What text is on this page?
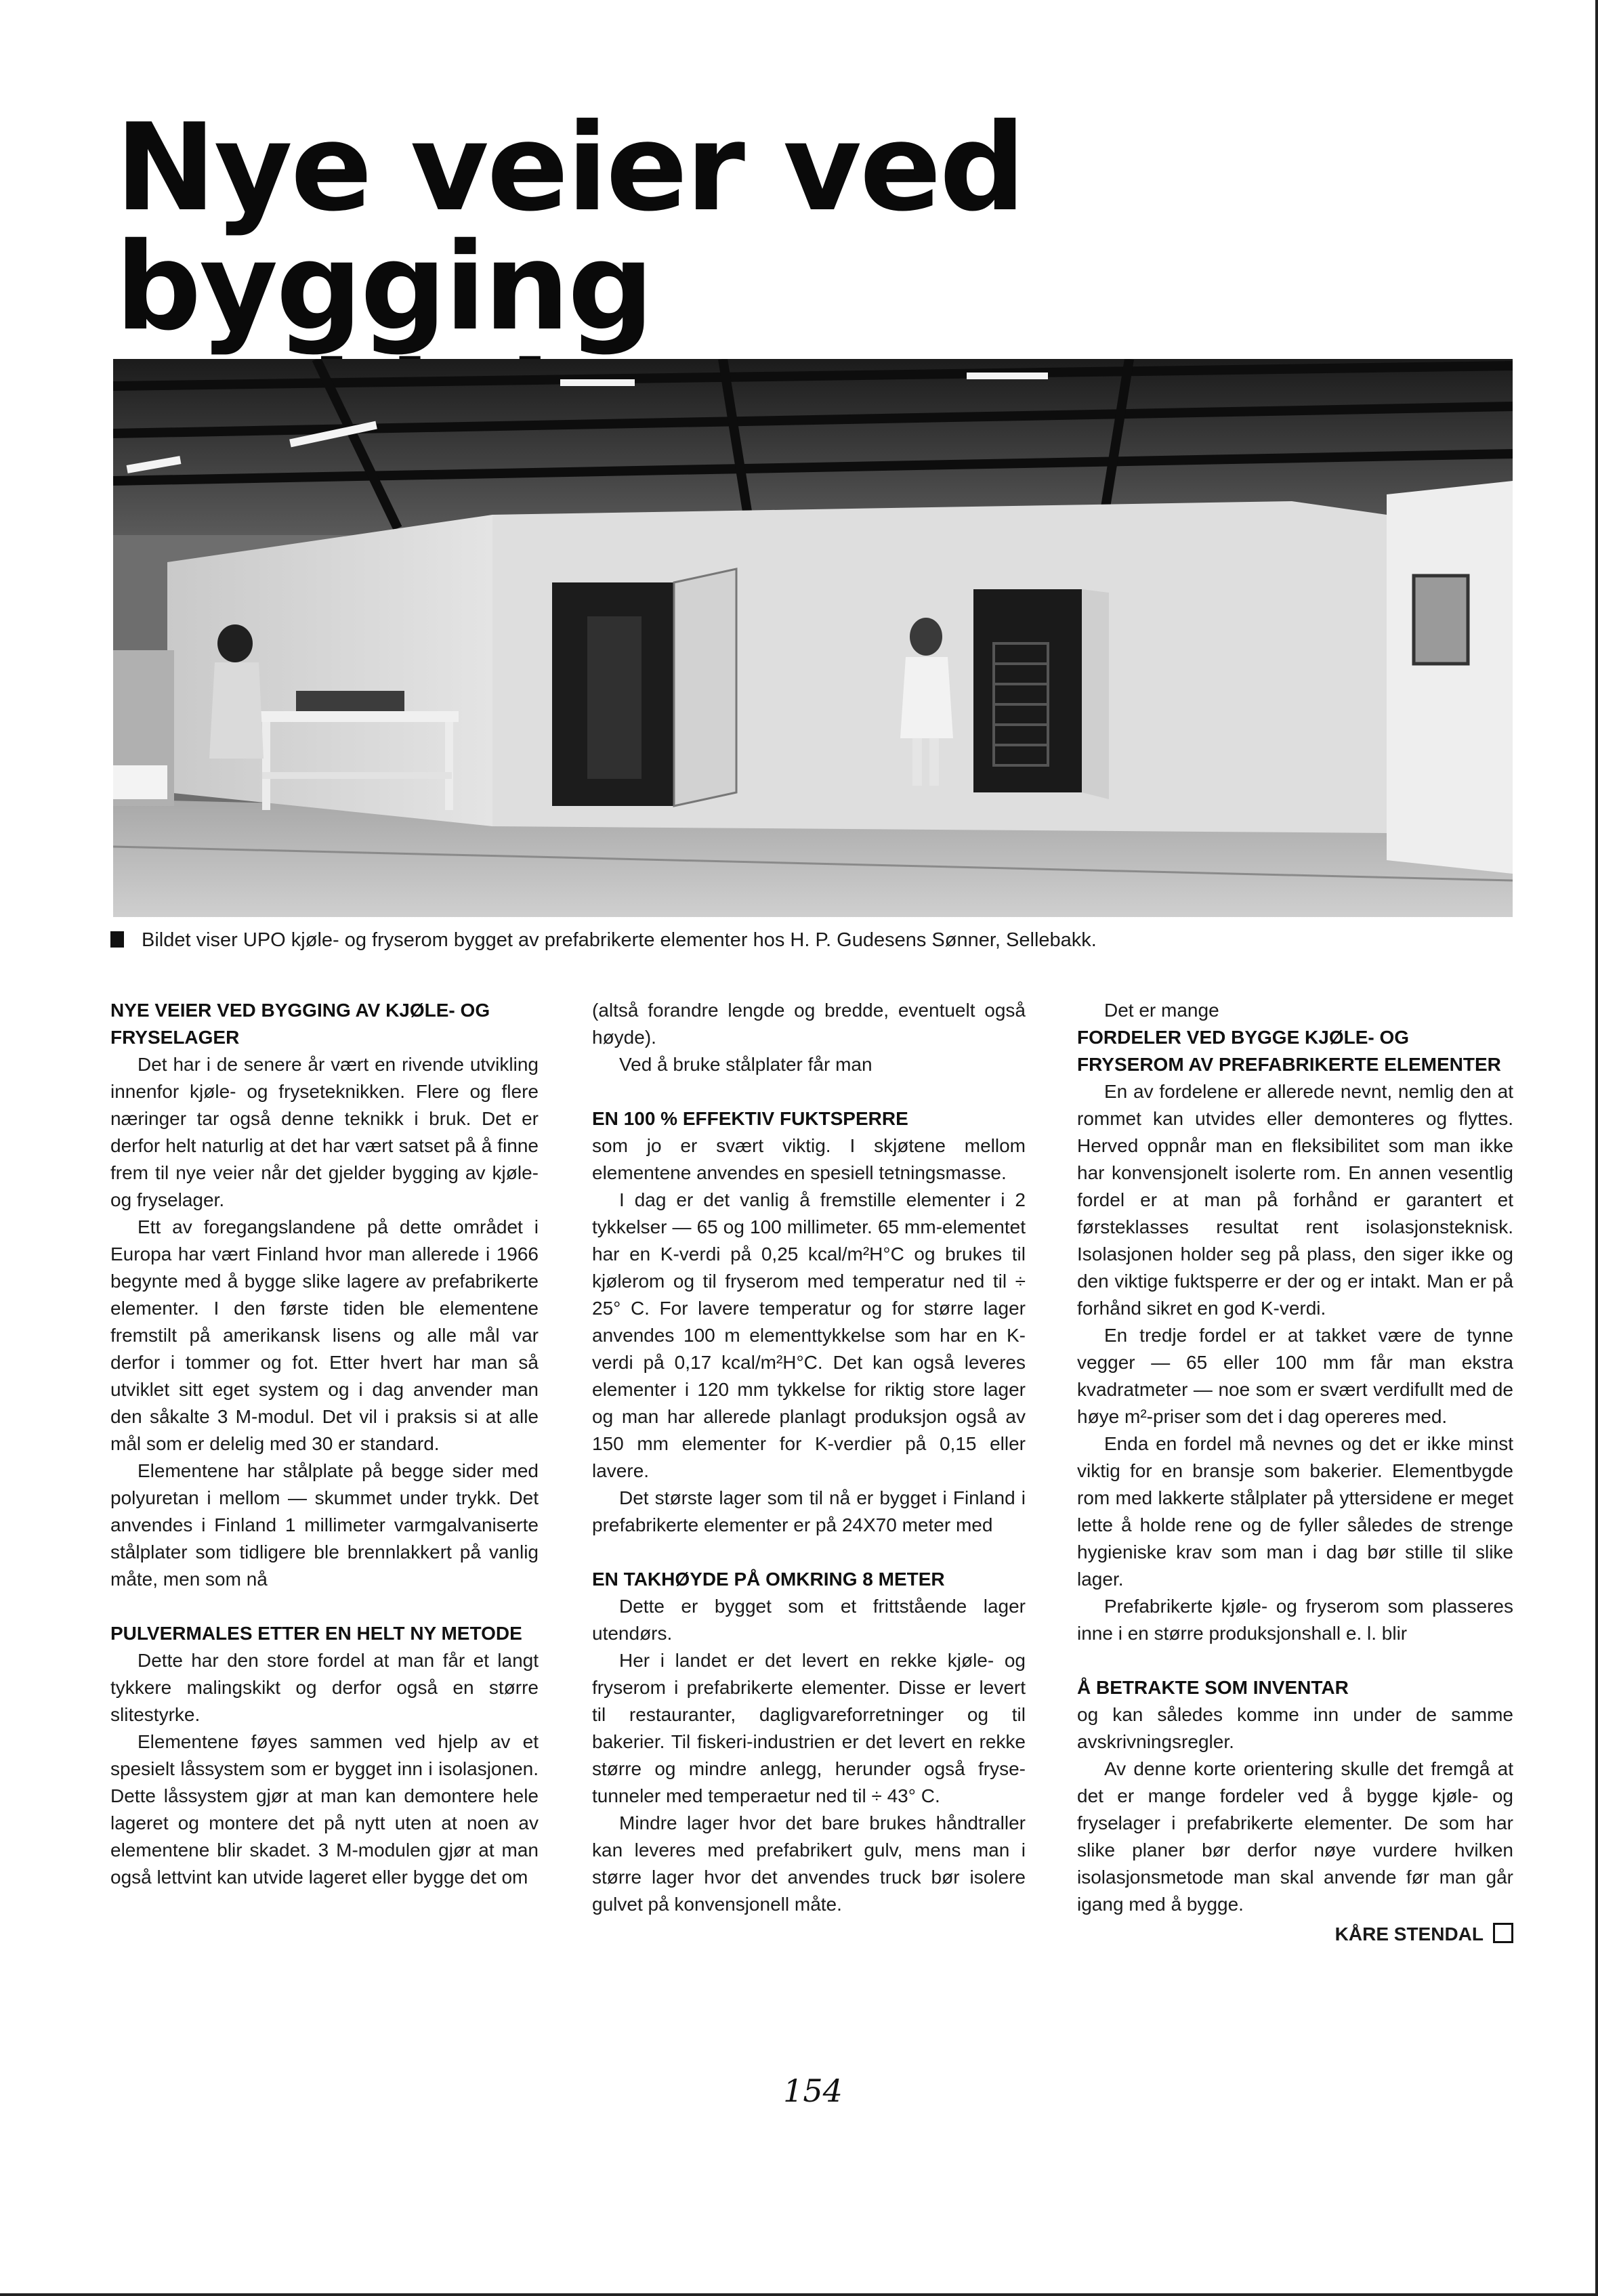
Nye veier ved bygging
Bildet viser UPO kjøle- og fryserom bygget av prefabrikerte elementer hos H. P. Gudesens Sønner, Sellebakk.
NYE VEIER VED BYGGING AV KJØLE- OG FRYSELAGER

Det har i de senere år vært en rivende utvikling innenfor kjøle- og fryseteknikken. Flere og flere næringer tar også denne teknikk i bruk. Det er derfor helt naturlig at det har vært satset på å finne frem til nye veier når det gjelder bygging av kjøle- og fryselager.

Ett av foregangslandene på dette området i Europa har vært Finland hvor man allerede i 1966 begynte med å bygge slike lagere av prefabrikerte elementer. I den første tiden ble elementene fremstilt på amerikansk lisens og alle mål var derfor i tommer og fot. Etter hvert har man så utviklet sitt eget system og i dag anvender man den såkalte 3 M-modul. Det vil i praksis si at alle mål som er delelig med 30 er standard.

Elementene har stålplate på begge sider med polyuretan i mellom — skummet under trykk. Det anvendes i Finland 1 millimeter varmgalvaniserte stålplater som tidligere ble brennlakkert på vanlig måte, men som nå

PULVERMALES ETTER EN HELT NY METODE

Dette har den store fordel at man får et langt tykkere malingskikt og derfor også en større slitestyrke.

Elementene føyes sammen ved hjelp av et spesielt låssystem som er bygget inn i isolasjonen. Dette låssystem gjør at man kan demontere hele lageret og montere det på nytt uten at noen av elementene blir skadet. 3 M-modulen gjør at man også lettvint kan utvide lageret eller bygge det om

(altså forandre lengde og bredde, eventuelt også høyde).

Ved å bruke stålplater får man

EN 100 % EFFEKTIV FUKTSPERRE

som jo er svært viktig. I skjøtene mellom elementene anvendes en spesiell tetningsmasse.

I dag er det vanlig å fremstille elementer i 2 tykkelser — 65 og 100 millimeter. 65 mm-elementet har en K-verdi på 0,25 kcal/m²H°C og brukes til kjølerom og til fryserom med temperatur ned til ÷ 25° C. For lavere temperatur og for større lager anvendes 100 m elementtykkelse som har en K-verdi på 0,17 kcal/m²H°C. Det kan også leveres elementer i 120 mm tykkelse for riktig store lager og man har allerede planlagt produksjon også av 150 mm elementer for K-verdier på 0,15 eller lavere.

Det største lager som til nå er bygget i Finland i prefabrikerte elementer er på 24X70 meter med

EN TAKHØYDE PÅ OMKRING 8 METER

Dette er bygget som et frittstående lager utendørs.

Her i landet er det levert en rekke kjøle- og fryserom i prefabrikerte elementer. Disse er levert til restauranter, dagligvareforretninger og til bakerier. Til fiskeri-industrien er det levert en rekke større og mindre anlegg, herunder også fryse-tunneler med temperaetur ned til ÷ 43° C.

Mindre lager hvor det bare brukes håndtraller kan leveres med prefabrikert gulv, mens man i større lager hvor det anvendes truck bør isolere gulvet på konvensjonell måte.

Det er mange

FORDELER VED BYGGE KJØLE- OG FRYSEROM AV PREFABRIKERTE ELEMENTER

En av fordelene er allerede nevnt, nemlig den at rommet kan utvides eller demonteres og flyttes. Herved oppnår man en fleksibilitet som man ikke har konvensjonelt isolerte rom. En annen vesentlig fordel er at man på forhånd er garantert et førsteklasses resultat rent isolasjonsteknisk. Isolasjonen holder seg på plass, den siger ikke og den viktige fuktsperre er der og er intakt. Man er på forhånd sikret en god K-verdi.

En tredje fordel er at takket være de tynne vegger — 65 eller 100 mm får man ekstra kvadratmeter — noe som er svært verdifullt med de høye m²-priser som det i dag opereres med.

Enda en fordel må nevnes og det er ikke minst viktig for en bransje som bakerier. Elementbygde rom med lakkerte stålplater på yttersidene er meget lette å holde rene og de fyller således de strenge hygieniske krav som man i dag bør stille til slike lager.

Prefabrikerte kjøle- og fryserom som plasseres inne i en større produksjonshall e. l. blir

Å BETRAKTE SOM INVENTAR

og kan således komme inn under de samme avskrivningsregler.

Av denne korte orientering skulle det fremgå at det er mange fordeler ved å bygge kjøle- og fryselager i prefabrikerte elementer. De som har slike planer bør derfor nøye vurdere hvilken isolasjonsmetode man skal anvende før man går igang med å bygge.

KÅRE STENDAL
154
